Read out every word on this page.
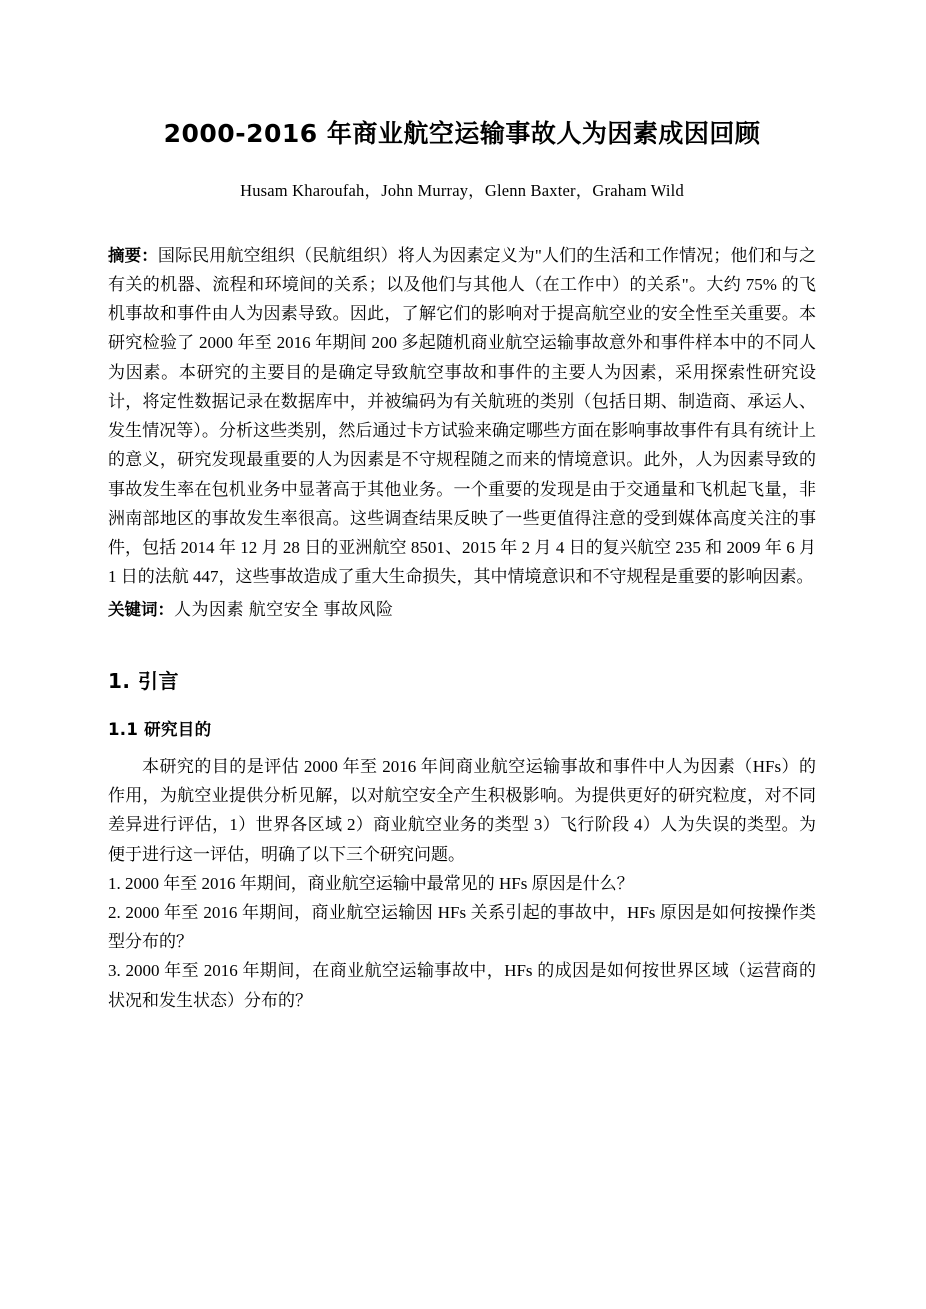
2000-2016 年商业航空运输事故人为因素成因回顾
Husam Kharoufah，John Murray，Glenn Baxter，Graham Wild
摘要：国际民用航空组织（民航组织）将人为因素定义为"人们的生活和工作情况；他们和与之有关的机器、流程和环境间的关系；以及他们与其他人（在工作中）的关系"。大约 75% 的飞机事故和事件由人为因素导致。因此，了解它们的影响对于提高航空业的安全性至关重要。本研究检验了 2000 年至 2016 年期间 200 多起随机商业航空运输事故意外和事件样本中的不同人为因素。本研究的主要目的是确定导致航空事故和事件的主要人为因素，采用探索性研究设计，将定性数据记录在数据库中，并被编码为有关航班的类别（包括日期、制造商、承运人、发生情况等）。分析这些类别，然后通过卡方试验来确定哪些方面在影响事故事件有具有统计上的意义，研究发现最重要的人为因素是不守规程随之而来的情境意识。此外，人为因素导致的事故发生率在包机业务中显著高于其他业务。一个重要的发现是由于交通量和飞机起飞量，非洲南部地区的事故发生率很高。这些调查结果反映了一些更值得注意的受到媒体高度关注的事件，包括 2014 年 12 月 28 日的亚洲航空 8501、2015 年 2 月 4 日的复兴航空 235 和 2009 年 6 月 1 日的法航 447，这些事故造成了重大生命损失，其中情境意识和不守规程是重要的影响因素。
关键词：人为因素 航空安全 事故风险
1. 引言
1.1 研究目的

本研究的目的是评估 2000 年至 2016 年间商业航空运输事故和事件中人为因素（HFs）的作用，为航空业提供分析见解，以对航空安全产生积极影响。为提供更好的研究粒度，对不同差异进行评估，1）世界各区域 2）商业航空业务的类型 3）飞行阶段 4）人为失误的类型。为便于进行这一评估，明确了以下三个研究问题。

1. 2000 年至 2016 年期间，商业航空运输中最常见的 HFs 原因是什么？

2. 2000 年至 2016 年期间，商业航空运输因 HFs 关系引起的事故中，HFs 原因是如何按操作类型分布的？

3. 2000 年至 2016 年期间，在商业航空运输事故中，HFs 的成因是如何按世界区域（运营商的状况和发生状态）分布的？
